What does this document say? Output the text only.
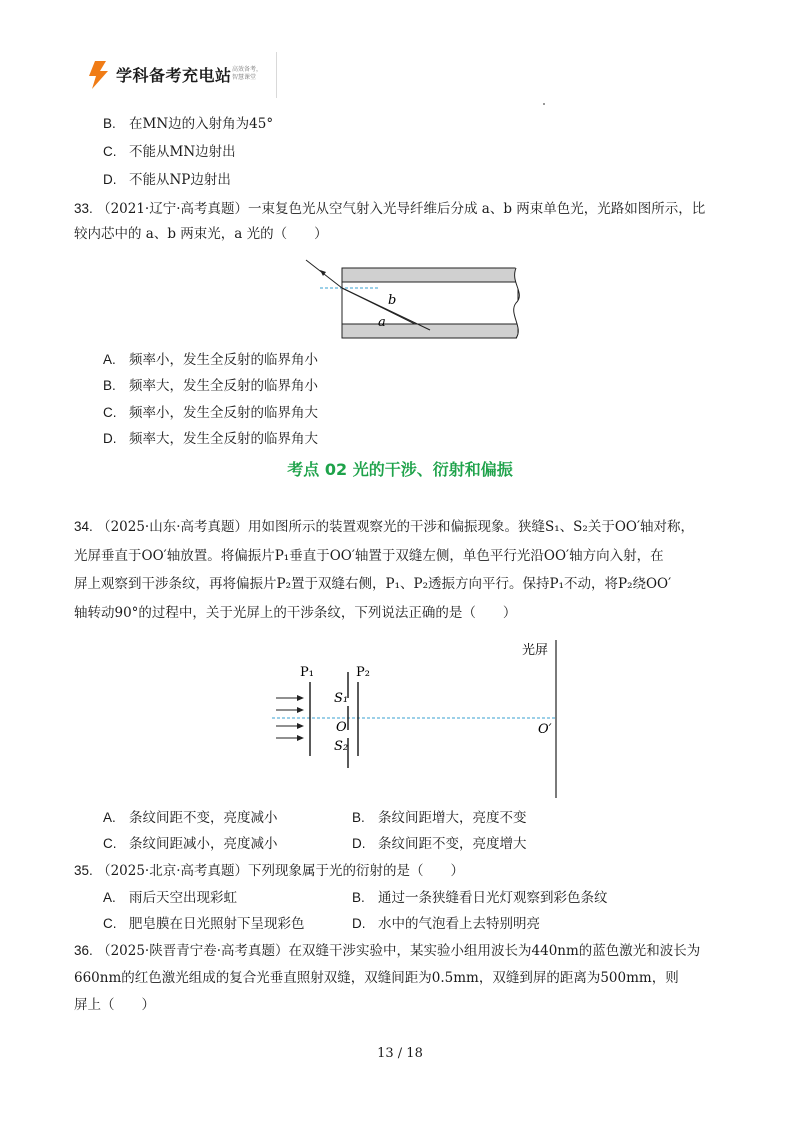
学科备考充电站 高效备考，
智慧课堂
B. 在MN边的入射角为45°
C. 不能从MN边射出
D. 不能从NP边射出
33. （2021·辽宁·高考真题）一束复色光从空气射入光导纤维后分成 a、b 两束单色光，光路如图所示，比
较内芯中的 a、b 两束光，a 光的（　　）
b
a
A. 频率小，发生全反射的临界角小
B. 频率大，发生全反射的临界角小
C. 频率小，发生全反射的临界角大
D. 频率大，发生全反射的临界角大
考点 02 光的干涉、衍射和偏振
34. （2025·山东·高考真题）用如图所示的装置观察光的干涉和偏振现象。狭缝S₁、S₂关于OO′轴对称，
光屏垂直于OO′轴放置。将偏振片P₁垂直于OO′轴置于双缝左侧，单色平行光沿OO′轴方向入射，在
屏上观察到干涉条纹，再将偏振片P₂置于双缝右侧，P₁、P₂透振方向平行。保持P₁不动，将P₂绕OO′
轴转动90°的过程中，关于光屏上的干涉条纹，下列说法正确的是（　　）
光屏
P₁	P₂
S₁
O
S₂
O′
A. 条纹间距不变，亮度减小	B. 条纹间距增大，亮度不变
C. 条纹间距减小，亮度减小	D. 条纹间距不变，亮度增大
35. （2025·北京·高考真题）下列现象属于光的衍射的是（　　）
A. 雨后天空出现彩虹	B. 通过一条狭缝看日光灯观察到彩色条纹
C. 肥皂膜在日光照射下呈现彩色	D. 水中的气泡看上去特别明亮
36. （2025·陕晋青宁卷·高考真题）在双缝干涉实验中，某实验小组用波长为440nm的蓝色激光和波长为
660nm的红色激光组成的复合光垂直照射双缝，双缝间距为0.5mm，双缝到屏的距离为500mm，则
屏上（　　）
13 / 18
